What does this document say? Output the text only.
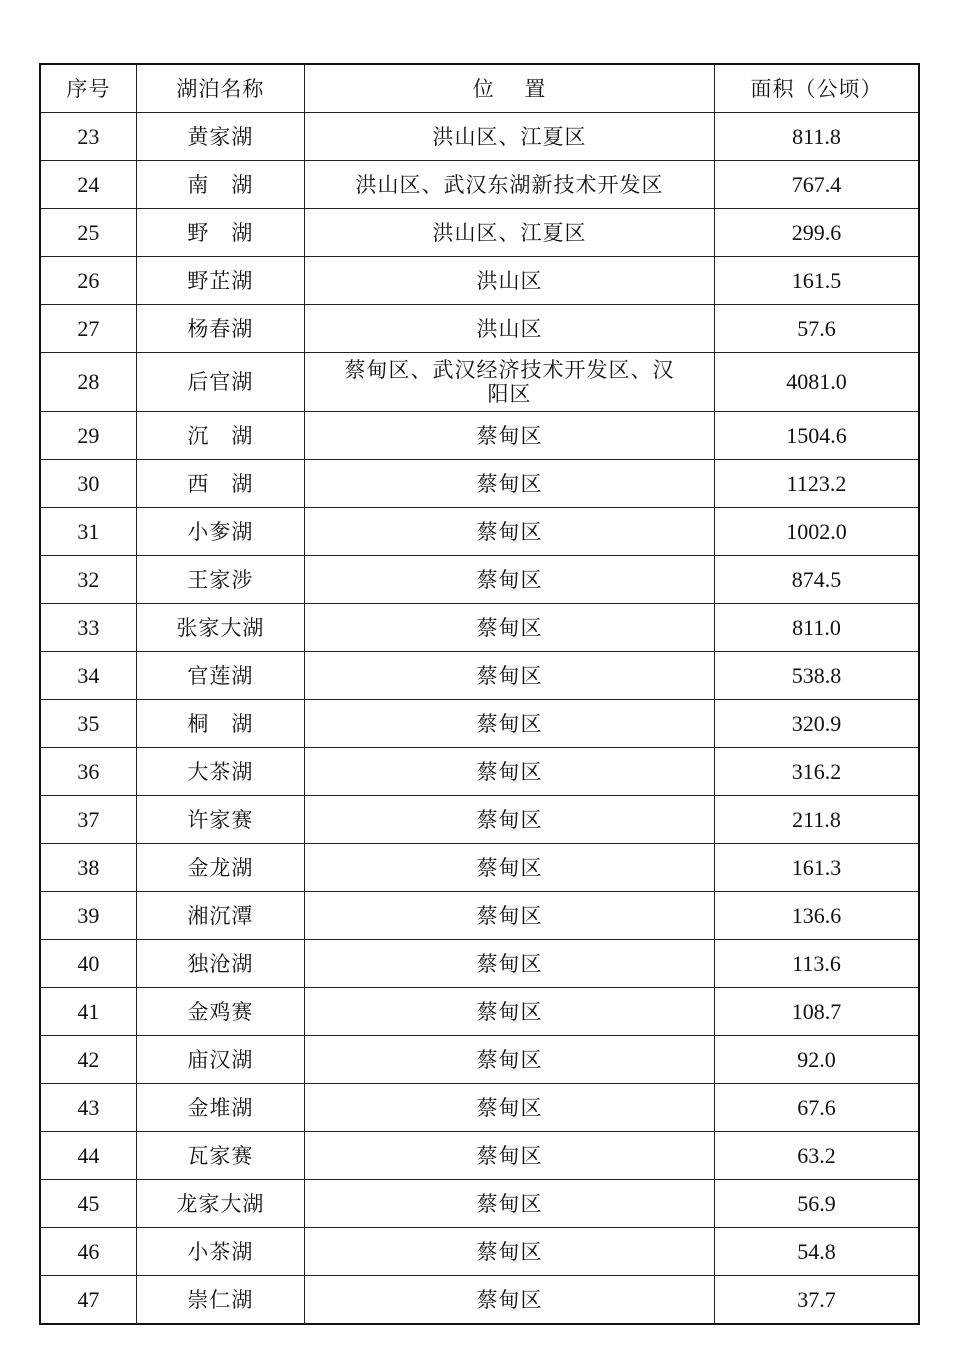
序号	湖泊名称	位　 置	面积（公顷）
23	黄家湖	洪山区、江夏区	811.8
24	南　湖	洪山区、武汉东湖新技术开发区	767.4
25	野　湖	洪山区、江夏区	299.6
26	野芷湖	洪山区	161.5
27	杨春湖	洪山区	57.6
28	后官湖	蔡甸区、武汉经济技术开发区、汉阳区	4081.0
29	沉　湖	蔡甸区	1504.6
30	西　湖	蔡甸区	1123.2
31	小奓湖	蔡甸区	1002.0
32	王家涉	蔡甸区	874.5
33	张家大湖	蔡甸区	811.0
34	官莲湖	蔡甸区	538.8
35	桐　湖	蔡甸区	320.9
36	大茶湖	蔡甸区	316.2
37	许家赛	蔡甸区	211.8
38	金龙湖	蔡甸区	161.3
39	湘沉潭	蔡甸区	136.6
40	独沧湖	蔡甸区	113.6
41	金鸡赛	蔡甸区	108.7
42	庙汉湖	蔡甸区	92.0
43	金堆湖	蔡甸区	67.6
44	瓦家赛	蔡甸区	63.2
45	龙家大湖	蔡甸区	56.9
46	小茶湖	蔡甸区	54.8
47	崇仁湖	蔡甸区	37.7
